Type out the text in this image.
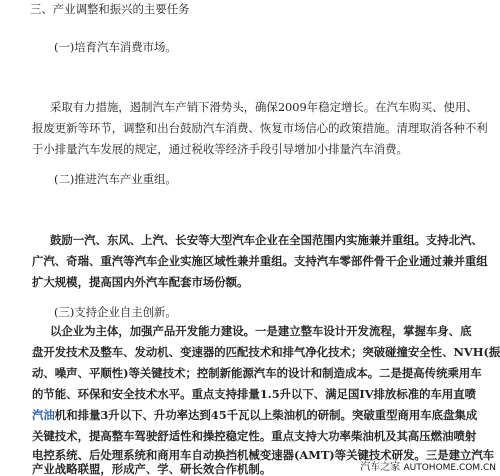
三、产业调整和振兴的主要任务
(一)培育汽车消费市场。
采取有力措施，遏制汽车产销下滑势头，确保2009年稳定增长。在汽车购买、使用、
报废更新等环节，调整和出台鼓励汽车消费、恢复市场信心的政策措施。清理取消各种不利
于小排量汽车发展的规定，通过税收等经济手段引导增加小排量汽车消费。
(二)推进汽车产业重组。
鼓励一汽、东风、上汽、长安等大型汽车企业在全国范围内实施兼并重组。支持北汽、
广汽、奇瑞、重汽等汽车企业实施区域性兼并重组。支持汽车零部件骨干企业通过兼并重组
扩大规模，提高国内外汽车配套市场份额。
(三)支持企业自主创新。
以企业为主体，加强产品开发能力建设。一是建立整车设计开发流程，掌握车身、底
盘开发技术及整车、发动机、变速器的匹配技术和排气净化技术；突破碰撞安全性、NVH(振
动、噪声、平顺性)等关键技术；控制新能源汽车的设计和制造成本。二是提高传统乘用车
的节能、环保和安全技术水平。重点支持排量1.5升以下、满足国IV排放标准的车用直喷
汽油机和排量3升以下、升功率达到45千瓦以上柴油机的研制。突破重型商用车底盘集成
关键技术，提高整车驾驶舒适性和操控稳定性。重点支持大功率柴油机及其高压燃油喷射
电控系统、后处理系统和商用车自动换挡机械变速器(AMT)等关键技术研发。三是建立汽车
产业战略联盟，形成产、学、研长效合作机制。	汽车之家 AUTOHOME.COM.CN
